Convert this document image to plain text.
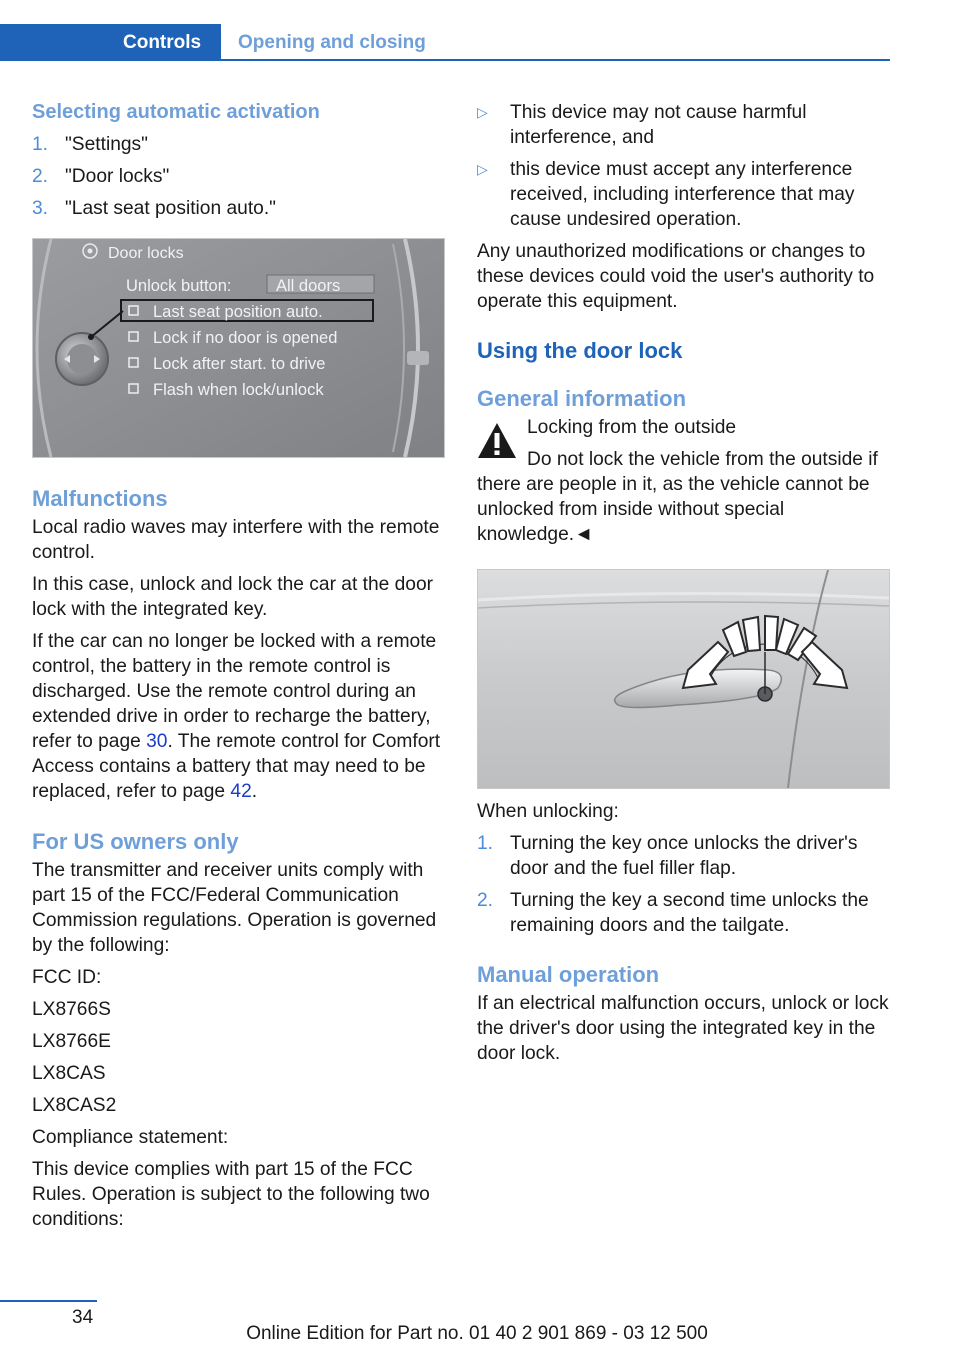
Controls	Opening and closing

Selecting automatic activation

1. "Settings"
2. "Door locks"
3. "Last seat position auto."
Door locks
Unlock button:	All doors
Last seat position auto.
Lock if no door is opened
Lock after start. to drive
Flash when lock/unlock

Malfunctions

Local radio waves may interfere with the remote control.

In this case, unlock and lock the car at the door lock with the integrated key.

If the car can no longer be locked with a remote control, the battery in the remote control is discharged. Use the remote control during an extended drive in order to recharge the battery, refer to page 30. The remote control for Comfort Access contains a battery that may need to be replaced, refer to page 42.

For US owners only

The transmitter and receiver units comply with part 15 of the FCC/Federal Communication Commission regulations. Operation is governed by the following:

FCC ID:

LX8766S

LX8766E

LX8CAS

LX8CAS2

Compliance statement:

This device complies with part 15 of the FCC Rules. Operation is subject to the following two conditions:

▷	This device may not cause harmful interference, and
▷	this device must accept any interference received, including interference that may cause undesired operation.

Any unauthorized modifications or changes to these devices could void the user's authority to operate this equipment.

Using the door lock

General information

Locking from the outside

Do not lock the vehicle from the outside if there are people in it, as the vehicle cannot be unlocked from inside without special knowledge.◄

When unlocking:

1. Turning the key once unlocks the driver's door and the fuel filler flap.
2. Turning the key a second time unlocks the remaining doors and the tailgate.

Manual operation

If an electrical malfunction occurs, unlock or lock the driver's door using the integrated key in the door lock.

34
Online Edition for Part no. 01 40 2 901 869 - 03 12 500
